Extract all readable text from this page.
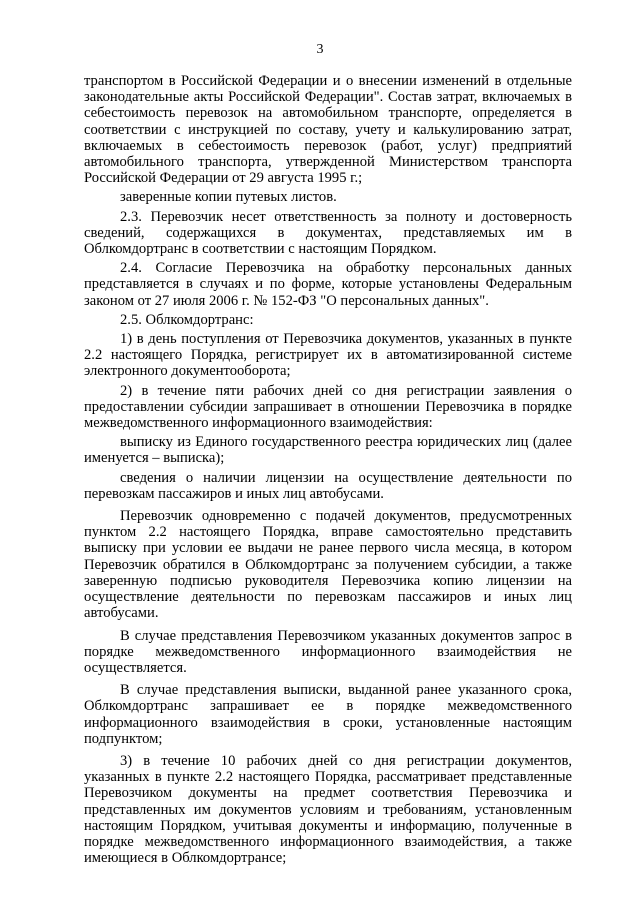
3

транспортом в Российской Федерации и о внесении изменений в отдельные законодательные акты Российской Федерации". Состав затрат, включаемых в себестоимость перевозок на автомобильном транспорте, определяется в соответствии с инструкцией по составу, учету и калькулированию затрат, включаемых в себестоимость перевозок (работ, услуг) предприятий автомобильного транспорта, утвержденной Министерством транспорта Российской Федерации от 29 августа 1995 г.;

заверенные копии путевых листов.

2.3. Перевозчик несет ответственность за полноту и достоверность сведений, содержащихся в документах, представляемых им в Облкомдортранс в соответствии с настоящим Порядком.

2.4. Согласие Перевозчика на обработку персональных данных представляется в случаях и по форме, которые установлены Федеральным законом от 27 июля 2006 г. № 152-ФЗ "О персональных данных".

2.5. Облкомдортранс:

1) в день поступления от Перевозчика документов, указанных в пункте 2.2 настоящего Порядка, регистрирует их в автоматизированной системе электронного документооборота;

2) в течение пяти рабочих дней со дня регистрации заявления о предоставлении субсидии запрашивает в отношении Перевозчика в порядке межведомственного информационного взаимодействия:

выписку из Единого государственного реестра юридических лиц (далее именуется – выписка);

сведения о наличии лицензии на осуществление деятельности по перевозкам пассажиров и иных лиц автобусами.

Перевозчик одновременно с подачей документов, предусмотренных пунктом 2.2 настоящего Порядка, вправе самостоятельно представить выписку при условии ее выдачи не ранее первого числа месяца, в котором Перевозчик обратился в Облкомдортранс за получением субсидии, а также заверенную подписью руководителя Перевозчика копию лицензии на осуществление деятельности по перевозкам пассажиров и иных лиц автобусами.

В случае представления Перевозчиком указанных документов запрос в порядке межведомственного информационного взаимодействия не осуществляется.

В случае представления выписки, выданной ранее указанного срока, Облкомдортранс запрашивает ее в порядке межведомственного информационного взаимодействия в сроки, установленные настоящим подпунктом;

3) в течение 10 рабочих дней со дня регистрации документов, указанных в пункте 2.2 настоящего Порядка, рассматривает представленные Перевозчиком документы на предмет соответствия Перевозчика и представленных им документов условиям и требованиям, установленным настоящим Порядком, учитывая документы и информацию, полученные в порядке межведомственного информационного взаимодействия, а также имеющиеся в Облкомдортрансе;
